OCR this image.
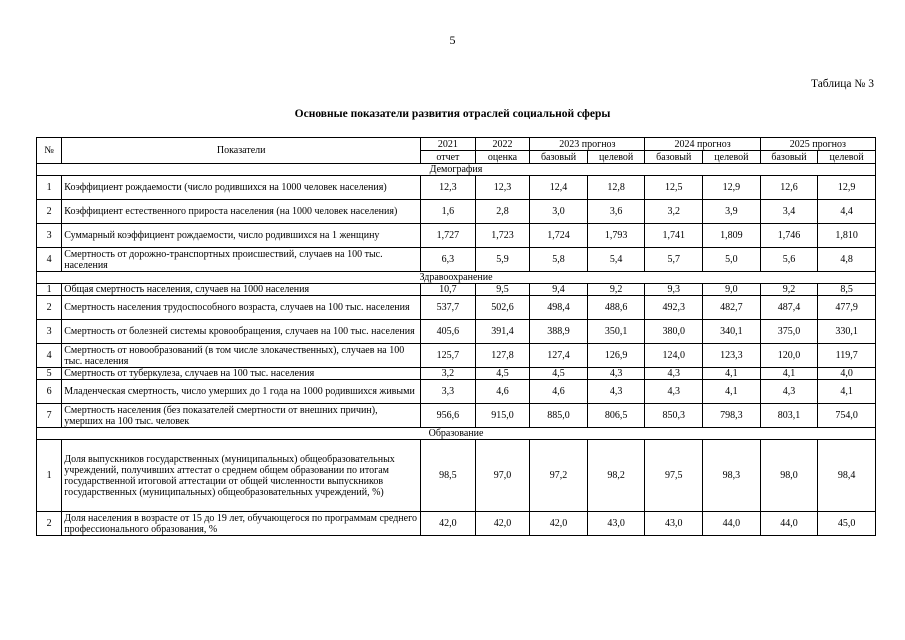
5
Таблица № 3
Основные показатели развития отраслей социальной сферы
№	Показатели	2021	2022	2023 прогноз		2024 прогноз		2025 прогноз	
		отчет	оценка	базовый	целевой	базовый	целевой	базовый	целевой
Демография									
1	Коэффициент рождаемости (число родившихся на 1000 человек населения)	12,3	12,3	12,4	12,8	12,5	12,9	12,6	12,9
2	Коэффициент естественного прироста населения (на 1000 человек населения)	1,6	2,8	3,0	3,6	3,2	3,9	3,4	4,4
3	Суммарный коэффициент рождаемости, число родившихся на 1 женщину	1,727	1,723	1,724	1,793	1,741	1,809	1,746	1,810
4	Смертность от дорожно-транспортных происшествий, случаев на 100 тыс. населения	6,3	5,9	5,8	5,4	5,7	5,0	5,6	4,8
Здравоохранение									
1	Общая смертность населения, случаев на 1000 населения	10,7	9,5	9,4	9,2	9,3	9,0	9,2	8,5
2	Смертность населения трудоспособного возраста, случаев на 100 тыс. населения	537,7	502,6	498,4	488,6	492,3	482,7	487,4	477,9
3	Смертность от болезней системы кровообращения, случаев на 100 тыс. населения	405,6	391,4	388,9	350,1	380,0	340,1	375,0	330,1
4	Смертность от новообразований (в том числе злокачественных), случаев на 100 тыс. населения	125,7	127,8	127,4	126,9	124,0	123,3	120,0	119,7
5	Смертность от туберкулеза, случаев на 100 тыс. населения	3,2	4,5	4,5	4,3	4,3	4,1	4,1	4,0
6	Младенческая смертность, число умерших до 1 года на 1000 родившихся живыми	3,3	4,6	4,6	4,3	4,3	4,1	4,3	4,1
7	Смертность населения (без показателей смертности от внешних причин), умерших на 100 тыс. человек	956,6	915,0	885,0	806,5	850,3	798,3	803,1	754,0
Образование									
1	Доля выпускников государственных (муниципальных) общеобразовательных учреждений, получивших аттестат о среднем общем образовании по итогам государственной итоговой аттестации от общей численности выпускников государственных (муниципальных) общеобразовательных учреждений, %)	98,5	97,0	97,2	98,2	97,5	98,3	98,0	98,4
2	Доля населения в возрасте от 15 до 19 лет, обучающегося по программам среднего профессионального образования, %	42,0	42,0	42,0	43,0	43,0	44,0	44,0	45,0
